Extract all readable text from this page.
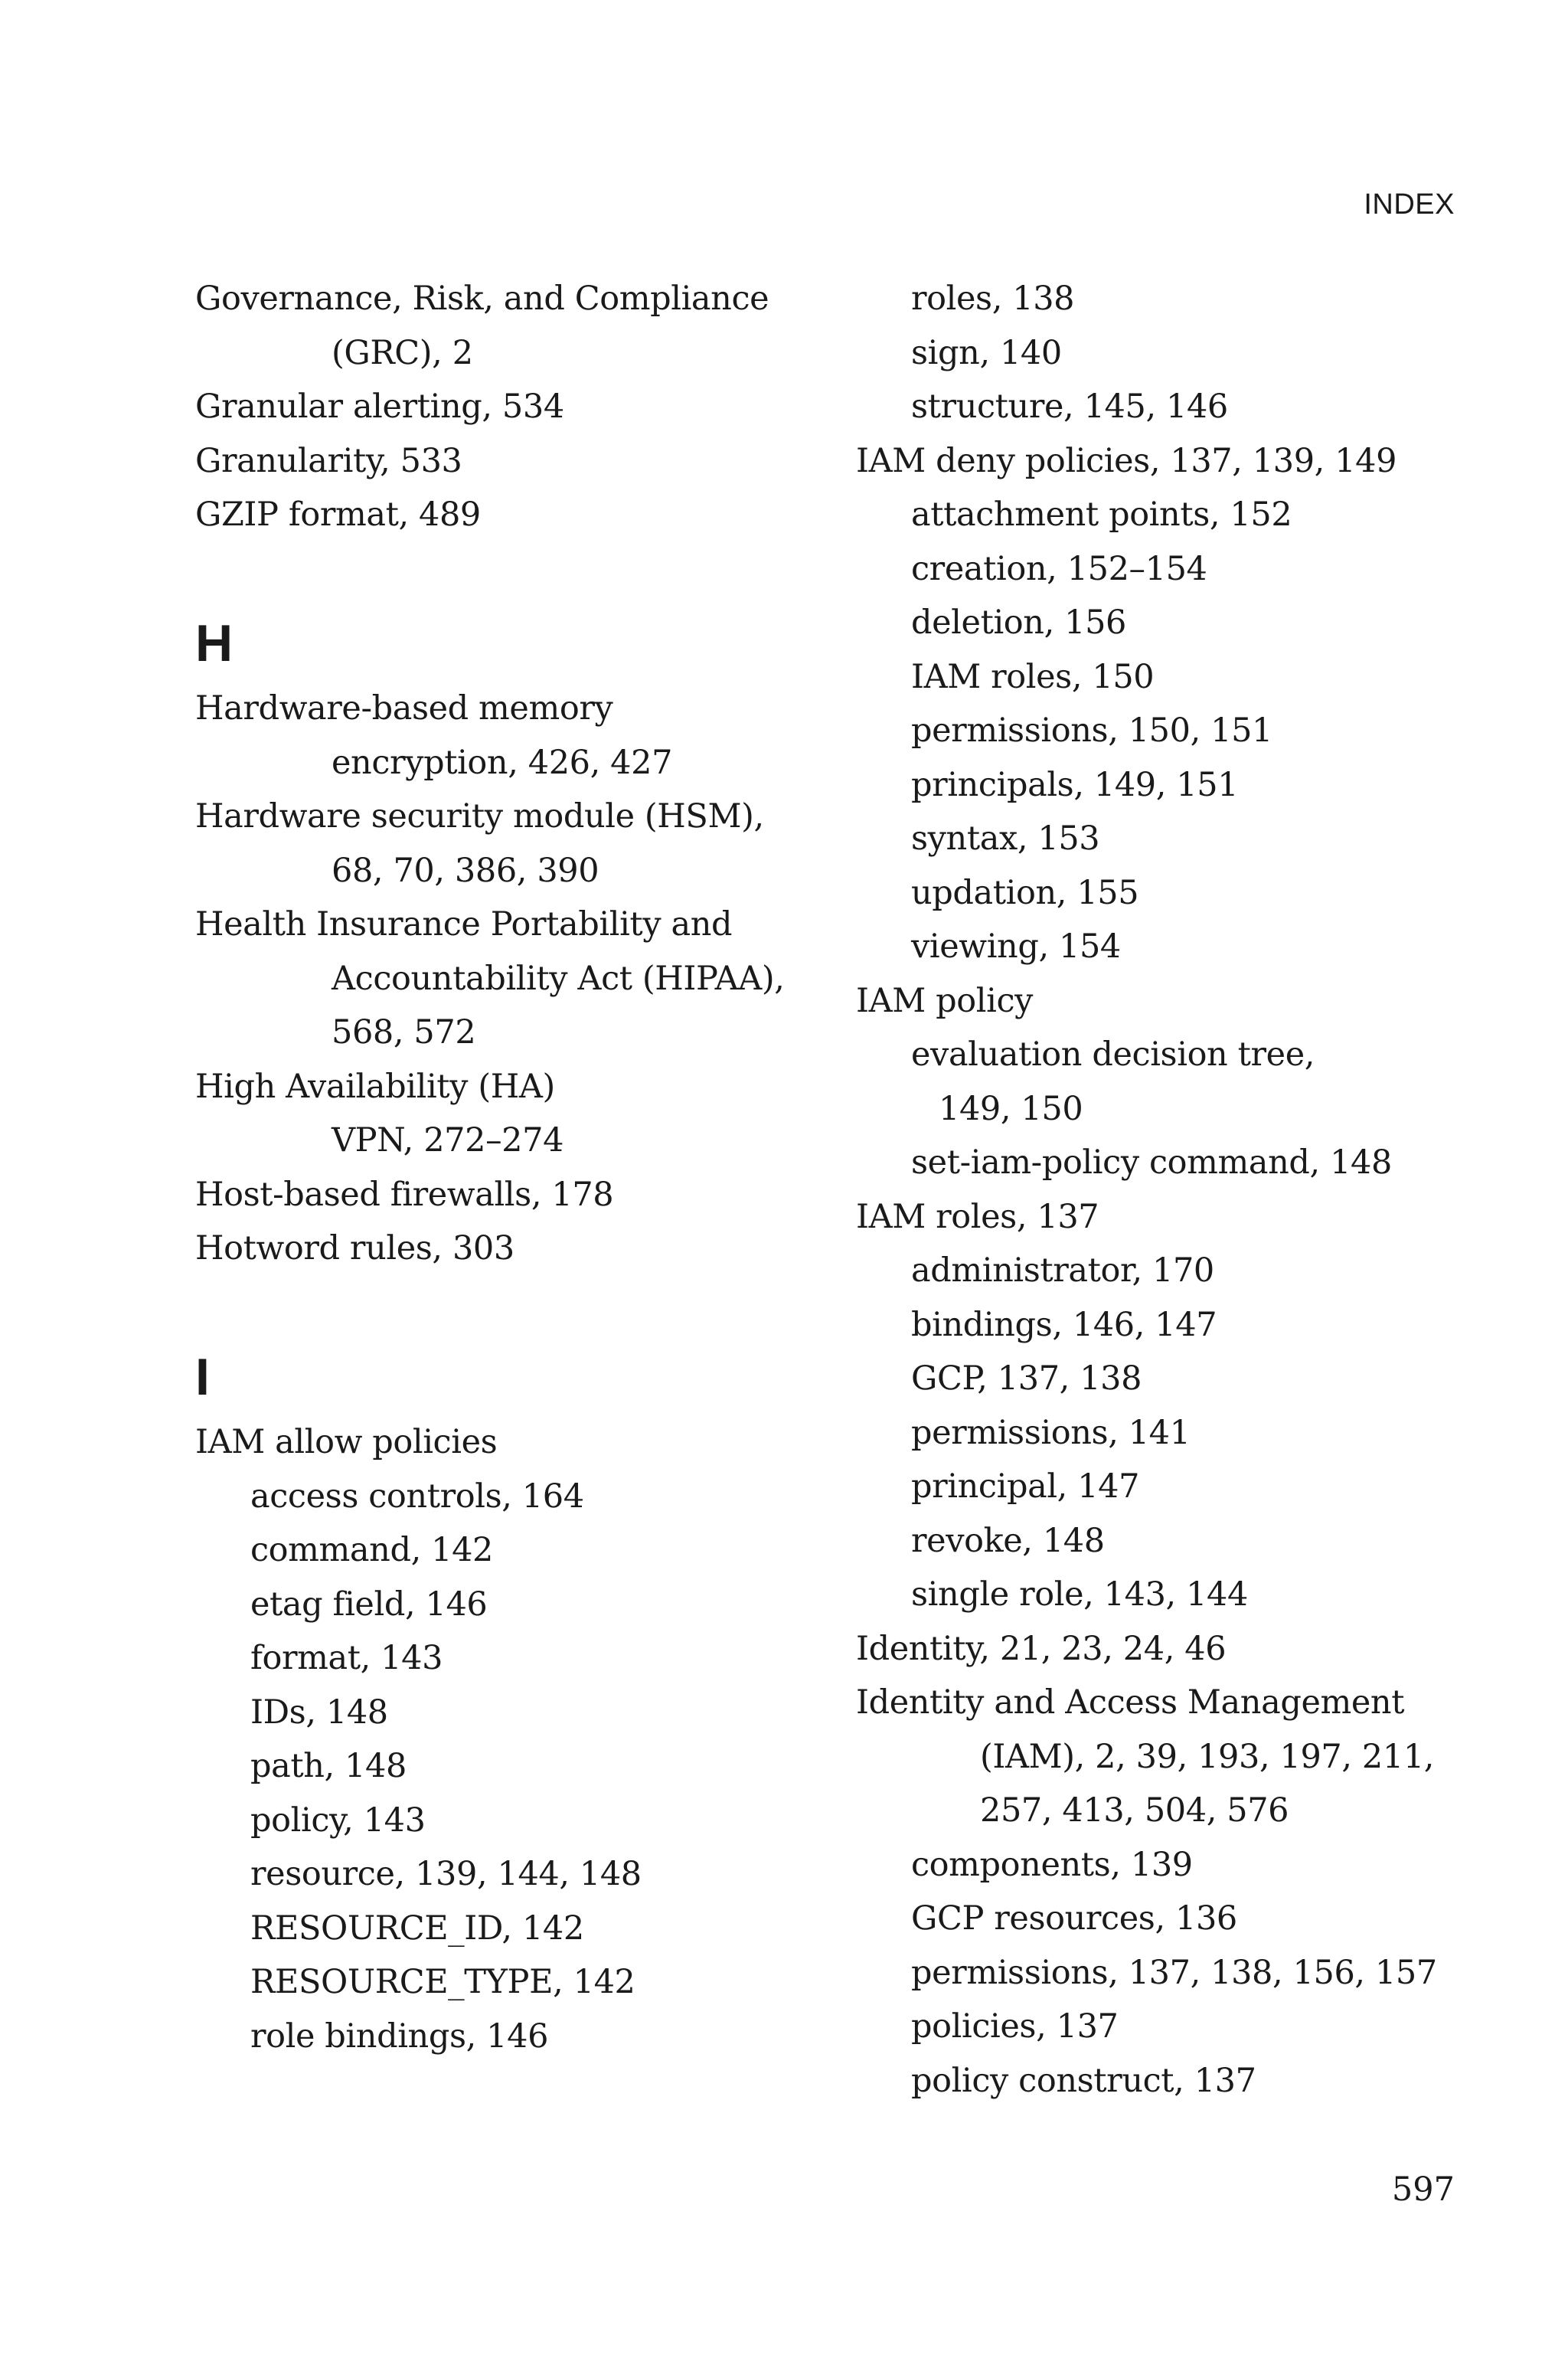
INDEX
Governance, Risk, and Compliance
(GRC), 2
Granular alerting, 534
Granularity, 533
GZIP format, 489
H
Hardware-based memory
encryption, 426, 427
Hardware security module (HSM),
68, 70, 386, 390
Health Insurance Portability and
Accountability Act (HIPAA),
568, 572
High Availability (HA)
VPN, 272–274
Host-based firewalls, 178
Hotword rules, 303
I
IAM allow policies
access controls, 164
command, 142
etag field, 146
format, 143
IDs, 148
path, 148
policy, 143
resource, 139, 144, 148
RESOURCE_ID, 142
RESOURCE_TYPE, 142
role bindings, 146
roles, 138
sign, 140
structure, 145, 146
IAM deny policies, 137, 139, 149
attachment points, 152
creation, 152–154
deletion, 156
IAM roles, 150
permissions, 150, 151
principals, 149, 151
syntax, 153
updation, 155
viewing, 154
IAM policy
evaluation decision tree,
149, 150
set-iam-policy command, 148
IAM roles, 137
administrator, 170
bindings, 146, 147
GCP, 137, 138
permissions, 141
principal, 147
revoke, 148
single role, 143, 144
Identity, 21, 23, 24, 46
Identity and Access Management
(IAM), 2, 39, 193, 197, 211,
257, 413, 504, 576
components, 139
GCP resources, 136
permissions, 137, 138, 156, 157
policies, 137
policy construct, 137
597
